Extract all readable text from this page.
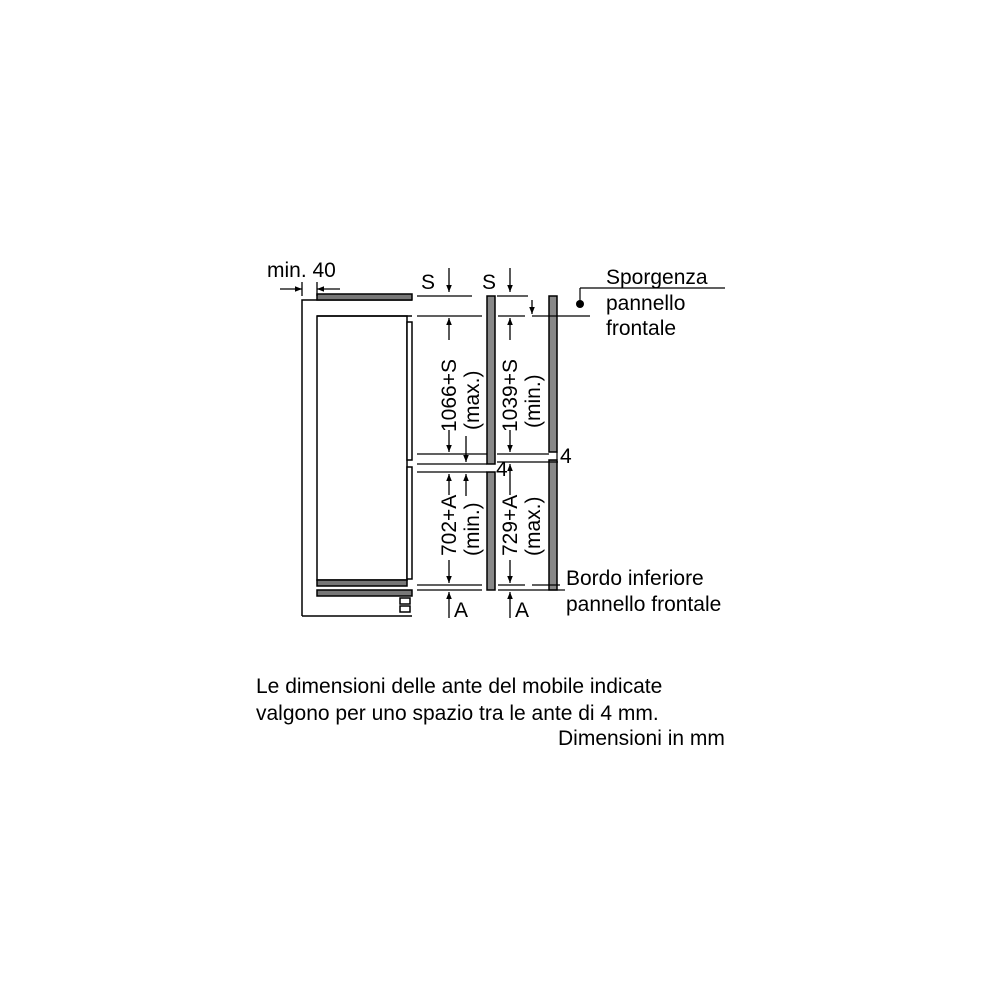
min. 40
S S
1066+S (max.) 1039+S (min.)
702+A (min.) 729+A (max.)
4
4
A A
Sporgenza
pannello
frontale
Bordo inferiore
pannello frontale
Le dimensioni delle ante del mobile indicate
valgono per uno spazio tra le ante di 4 mm.
Dimensioni in mm
